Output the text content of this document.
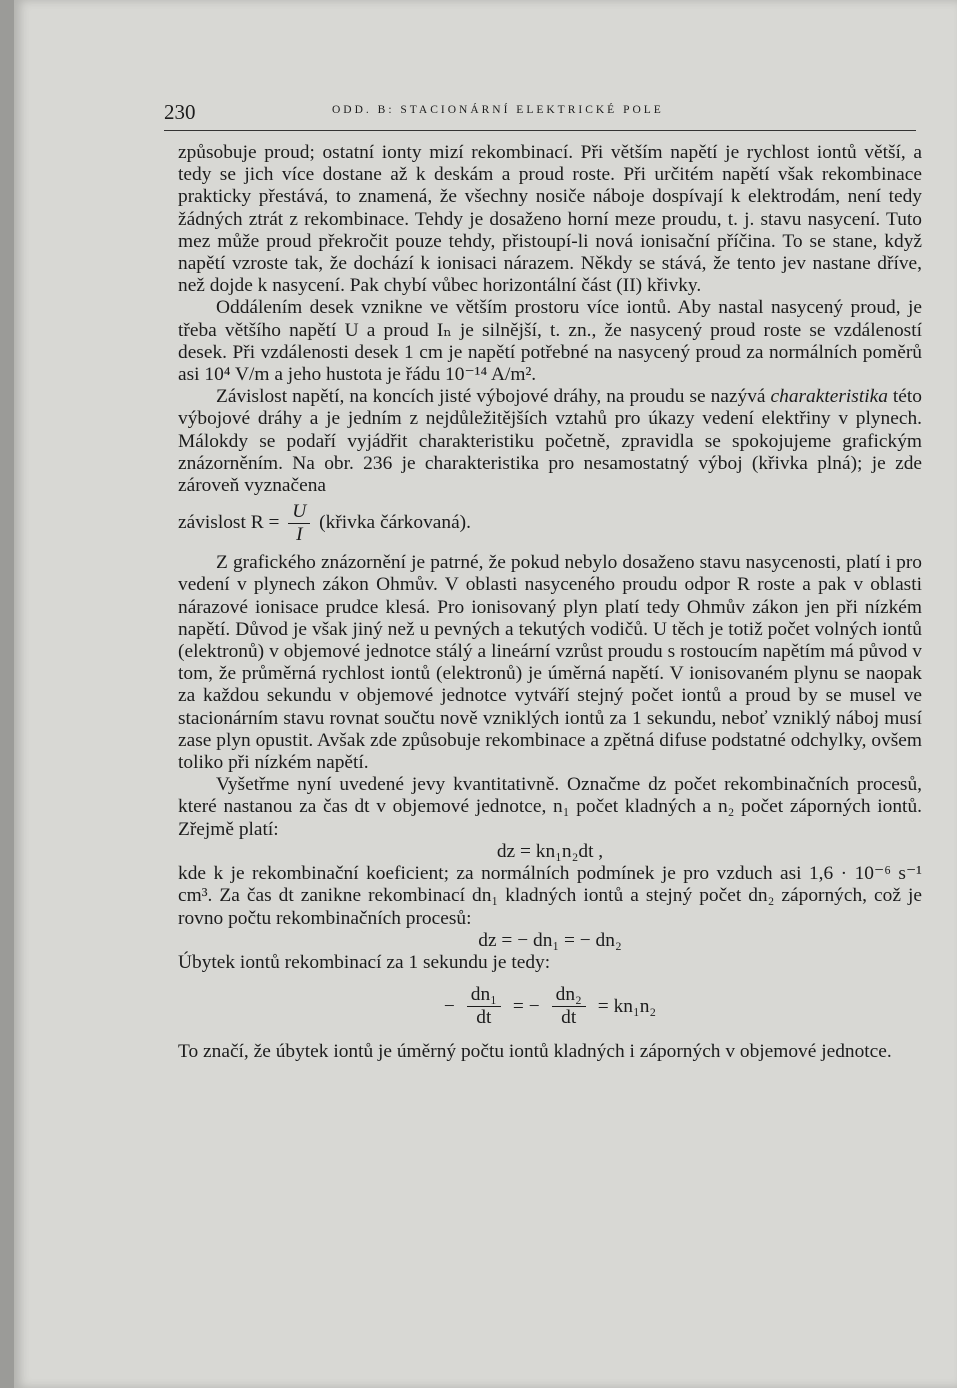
230	ODD. B: STACIONÁRNÍ ELEKTRICKÉ POLE

způsobuje proud; ostatní ionty mizí rekombinací. Při větším napětí je rychlost iontů větší, a tedy se jich více dostane až k deskám a proud roste. Při určitém napětí však rekombinace prakticky přestává, to znamená, že všechny nosiče náboje dospívají k elektrodám, není tedy žádných ztrát z rekombinace. Tehdy je dosaženo horní meze proudu, t. j. stavu nasycení. Tuto mez může proud překročit pouze tehdy, přistoupí-li nová ionisační příčina. To se stane, když napětí vzroste tak, že dochází k ionisaci nárazem. Někdy se stává, že tento jev nastane dříve, než dojde k nasycení. Pak chybí vůbec horizontální část (II) křivky.

Oddálením desek vznikne ve větším prostoru více iontů. Aby nastal nasycený proud, je třeba většího napětí U a proud Iₙ je silnější, t. zn., že nasycený proud roste se vzdáleností desek. Při vzdálenosti desek 1 cm je napětí potřebné na nasycený proud za normálních poměrů asi 10⁴ V/m a jeho hustota je řádu 10⁻¹⁴ A/m².

Závislost napětí, na koncích jisté výbojové dráhy, na proudu se nazývá charakteristika této výbojové dráhy a je jedním z nejdůležitějších vztahů pro úkazy vedení elektřiny v plynech. Málokdy se podaří vyjádřit charakteristiku početně, zpravidla se spokojujeme grafickým znázorněním. Na obr. 236 je charakteristika pro nesamostatný výboj (křivka plná); je zde zároveň vyznačena

závislost $R = \frac{U}{I}$ (křivka čárkovaná).

Z grafického znázornění je patrné, že pokud nebylo dosaženo stavu nasycenosti, platí i pro vedení v plynech zákon Ohmův. V oblasti nasyceného proudu odpor R roste a pak v oblasti nárazové ionisace prudce klesá. Pro ionisovaný plyn platí tedy Ohmův zákon jen při nízkém napětí. Důvod je však jiný než u pevných a tekutých vodičů. U těch je totiž počet volných iontů (elektronů) v objemové jednotce stálý a lineární vzrůst proudu s rostoucím napětím má původ v tom, že průměrná rychlost iontů (elektronů) je úměrná napětí. V ionisovaném plynu se naopak za každou sekundu v objemové jednotce vytváří stejný počet iontů a proud by se musel ve stacionárním stavu rovnat součtu nově vzniklých iontů za 1 sekundu, neboť vzniklý náboj musí zase plyn opustit. Avšak zde způsobuje rekombinace a zpětná difuse podstatné odchylky, ovšem toliko při nízkém napětí.

Vyšetřme nyní uvedené jevy kvantitativně. Označme dz počet rekombinačních procesů, které nastanou za čas dt v objemové jednotce, n₁ počet kladných a n₂ počet záporných iontů. Zřejmě platí:

dz = kn₁n₂dt ,

kde k je rekombinační koeficient; za normálních podmínek je pro vzduch asi 1,6 · 10⁻⁶ s⁻¹ cm³. Za čas dt zanikne rekombinací dn₁ kladných iontů a stejný počet dn₂ záporných, což je rovno počtu rekombinačních procesů:

dz = − dn₁ = − dn₂

Úbytek iontů rekombinací za 1 sekundu je tedy:

− $\frac{\text{dn₁}}{dt}$ = − $\frac{\text{dn₂}}{dt} = kn_1n_2$

To značí, že úbytek iontů je úměrný počtu iontů kladných i záporných v objemové jednotce.
